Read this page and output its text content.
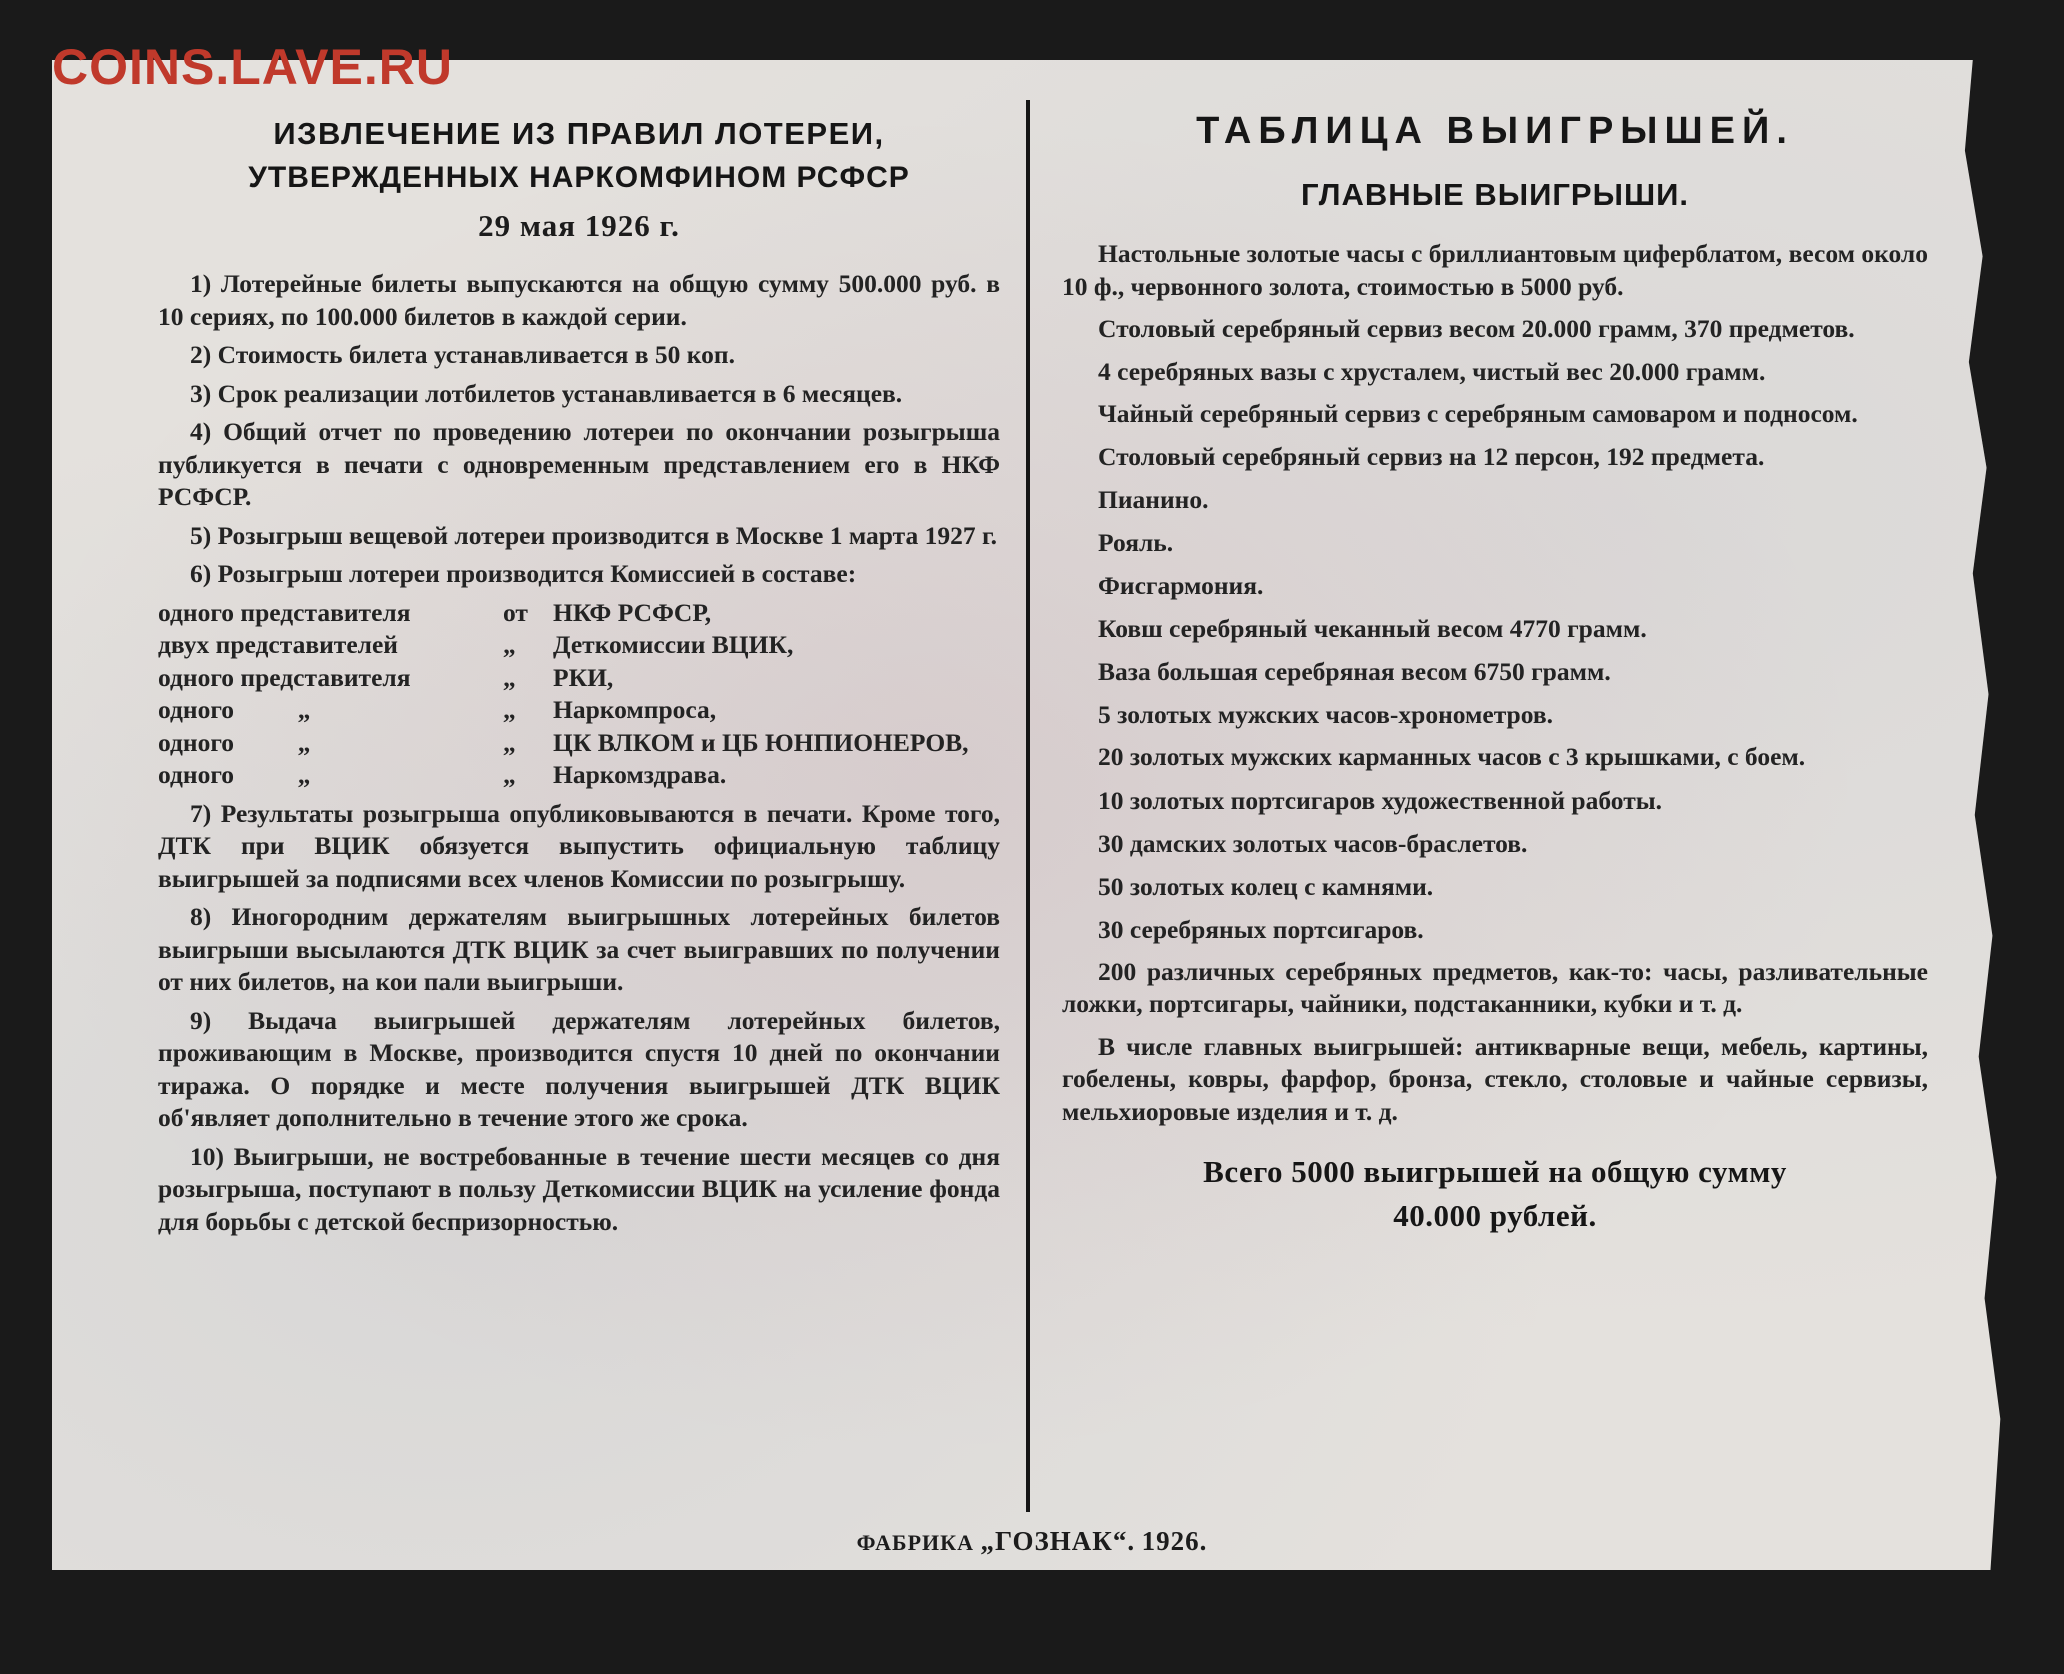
COINS.LAVE.RU
ИЗВЛЕЧЕНИЕ ИЗ ПРАВИЛ ЛОТЕРЕИ,
УТВЕРЖДЕННЫХ НАРКОМФИНОМ РСФСР
29 мая 1926 г.

1) Лотерейные билеты выпускаются на общую сумму 500.000 руб. в 10 сериях, по 100.000 билетов в каждой серии.

2) Стоимость билета устанавливается в 50 коп.

3) Срок реализации лотбилетов устанавливается в 6 месяцев.

4) Общий отчет по проведению лотереи по окончании розыгрыша публикуется в печати с одновременным представлением его в НКФ РСФСР.

5) Розыгрыш вещевой лотереи производится в Москве 1 марта 1927 г.

6) Розыгрыш лотереи производится Комиссией в составе:

одного представителя	от НКФ РСФСР,
двух представителей	„	Деткомиссии ВЦИК,
одного представителя	„	РКИ,
одного          „	„	Наркомпроса,
одного          „	„	ЦК ВЛКОМ и ЦБ ЮНПИОНЕРОВ,
одного          „	„	Наркомздрава.

7) Результаты розыгрыша опубликовываются в печати. Кроме того, ДТК при ВЦИК обязуется выпустить официальную таблицу выигрышей за подписями всех членов Комиссии по розыгрышу.

8) Иногородним держателям выигрышных лотерейных билетов выигрыши высылаются ДТК ВЦИК за счет выигравших по получении от них билетов, на кои пали выигрыши.

9) Выдача выигрышей держателям лотерейных билетов, проживающим в Москве, производится спустя 10 дней по окончании тиража. О порядке и месте получения выигрышей ДТК ВЦИК об'являет дополнительно в течение этого же срока.

10) Выигрыши, не востребованные в течение шести месяцев со дня розыгрыша, поступают в пользу Деткомиссии ВЦИК на усиление фонда для борьбы с детской беспризорностью.

ТАБЛИЦА ВЫИГРЫШЕЙ.
ГЛАВНЫЕ ВЫИГРЫШИ.

Настольные золотые часы с бриллиантовым циферблатом, весом около 10 ф., червонного золота, стоимостью в 5000 руб.

Столовый серебряный сервиз весом 20.000 грамм, 370 предметов.

4 серебряных вазы с хрусталем, чистый вес 20.000 грамм.

Чайный серебряный сервиз с серебряным самоваром и подносом.

Столовый серебряный сервиз на 12 персон, 192 предмета.

Пианино.
Рояль.
Фисгармония.
Ковш серебряный чеканный весом 4770 грамм.
Ваза большая серебряная весом 6750 грамм.
5 золотых мужских часов-хронометров.

20 золотых мужских карманных часов с 3 крышками, с боем.

10 золотых портсигаров художественной работы.
30 дамских золотых часов-браслетов.
50 золотых колец с камнями.
30 серебряных портсигаров.

200 различных серебряных предметов, как-то: часы, разливательные ложки, портсигары, чайники, подстаканники, кубки и т. д.

В числе главных выигрышей: антикварные вещи, мебель, картины, гобелены, ковры, фарфор, бронза, стекло, столовые и чайные сервизы, мельхиоровые изделия и т. д.

Всего 5000 выигрышей на общую сумму
40.000 рублей.
ФАБРИКА „ГОЗНАК“. 1926.
